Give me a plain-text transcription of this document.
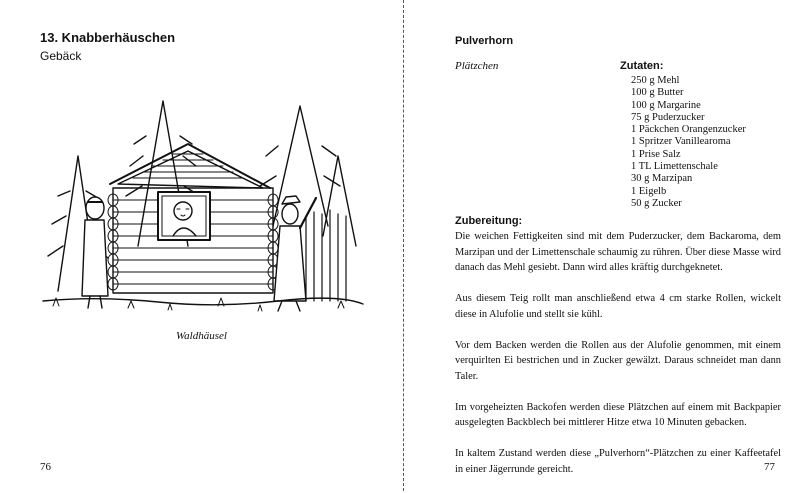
13. Knabberhäuschen
Gebäck
Waldhäusel
76
Pulverhorn
Plätzchen	Zutaten:
250 g Mehl
100 g Butter
100 g Margarine
75 g Puderzucker
1 Päckchen Orangenzucker
1 Spritzer Vanillearoma
1 Prise Salz
1 TL Limettenschale
30 g Marzipan
1 Eigelb
50 g Zucker
Zubereitung:

Die weichen Fettigkeiten sind mit dem Puderzucker, dem Backaroma, dem Marzipan und der Limettenschale schaumig zu rühren. Über diese Masse wird danach das Mehl gesiebt. Dann wird alles kräftig durchgeknetet.

Aus diesem Teig rollt man anschließend etwa 4 cm starke Rollen, wickelt diese in Alufolie und stellt sie kühl.

Vor dem Backen werden die Rollen aus der Alufolie genommen, mit einem verquirlten Ei bestrichen und in Zucker gewälzt. Daraus schneidet man dann Taler.

Im vorgeheizten Backofen werden diese Plätzchen auf einem mit Backpapier ausgelegten Backblech bei mittlerer Hitze etwa 10 Minuten gebacken.

In kaltem Zustand werden diese „Pulverhorn“-Plätzchen zu einer Kaffeetafel in einer Jägerrunde gereicht.	77
